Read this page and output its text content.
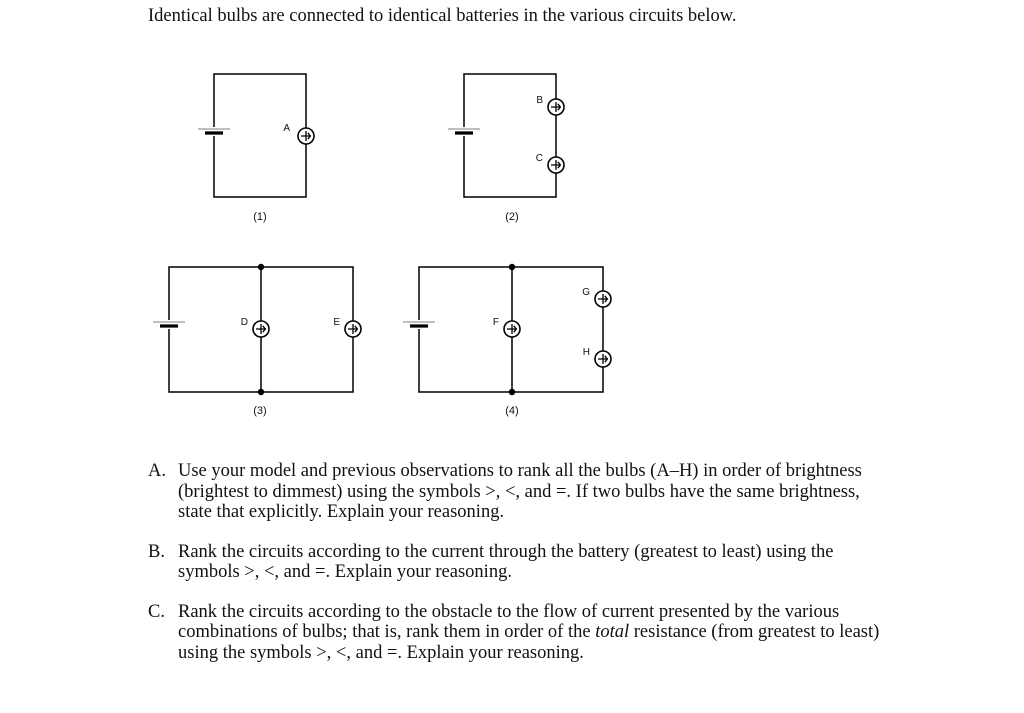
Identical bulbs are connected to identical batteries in the various circuits below.

A
(1)
B
C
(2)
D	E
(3)
F
G
H
(4)
A. Use your model and previous observations to rank all the bulbs (A–H) in order of brightness (brightest to dimmest) using the symbols >, <, and =. If two bulbs have the same brightness, state that explicitly. Explain your reasoning.
B. Rank the circuits according to the current through the battery (greatest to least) using the symbols >, <, and =. Explain your reasoning.
C. Rank the circuits according to the obstacle to the flow of current presented by the various combinations of bulbs; that is, rank them in order of the total resistance (from greatest to least) using the symbols >, <, and =. Explain your reasoning.
